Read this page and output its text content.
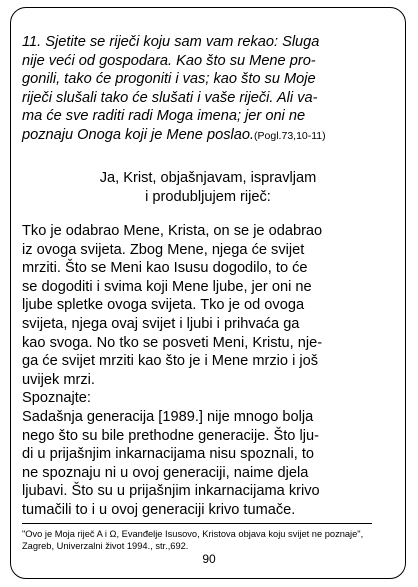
11. Sjetite se riječi koju sam vam rekao: Sluga
nije veći od gospodara. Kao što su Mene pro-
gonili, tako će progoniti i vas; kao što su Moje
riječi slušali tako će slušati i vaše riječi. Ali va-
ma će sve raditi radi Moga imena; jer oni ne
poznaju Onoga koji je Mene poslao.(Pogl.73,10-11)

Ja, Krist, objašnjavam, ispravljam
i produbljujem riječ:

Tko je odabrao Mene, Krista, on se je odabrao
iz ovoga svijeta. Zbog Mene, njega će svijet
mrziti. Što se Meni kao Isusu dogodilo, to će
se dogoditi i svima koji Mene ljube, jer oni ne
ljube spletke ovoga svijeta. Tko je od ovoga
svijeta, njega ovaj svijet i ljubi i prihvaća ga
kao svoga. No tko se posveti Meni, Kristu, nje-
ga će svijet mrziti kao što je i Mene mrzio i još
uvijek mrzi.
Spoznajte:
Sadašnja generacija [1989.] nije mnogo bolja
nego što su bile prethodne generacije. Što lju-
di u prijašnjim inkarnacijama nisu spoznali, to
ne spoznaju ni u ovoj generaciji, naime djela
ljubavi. Što su u prijašnjim inkarnacijama krivo
tumačili to i u ovoj generaciji krivo tumače.

"Ovo je Moja riječ A i Ω, Evanđelje Isusovo, Kristova objava koju svijet ne poznaje",
Zagreb, Univerzalni život 1994., str.,692.

90
